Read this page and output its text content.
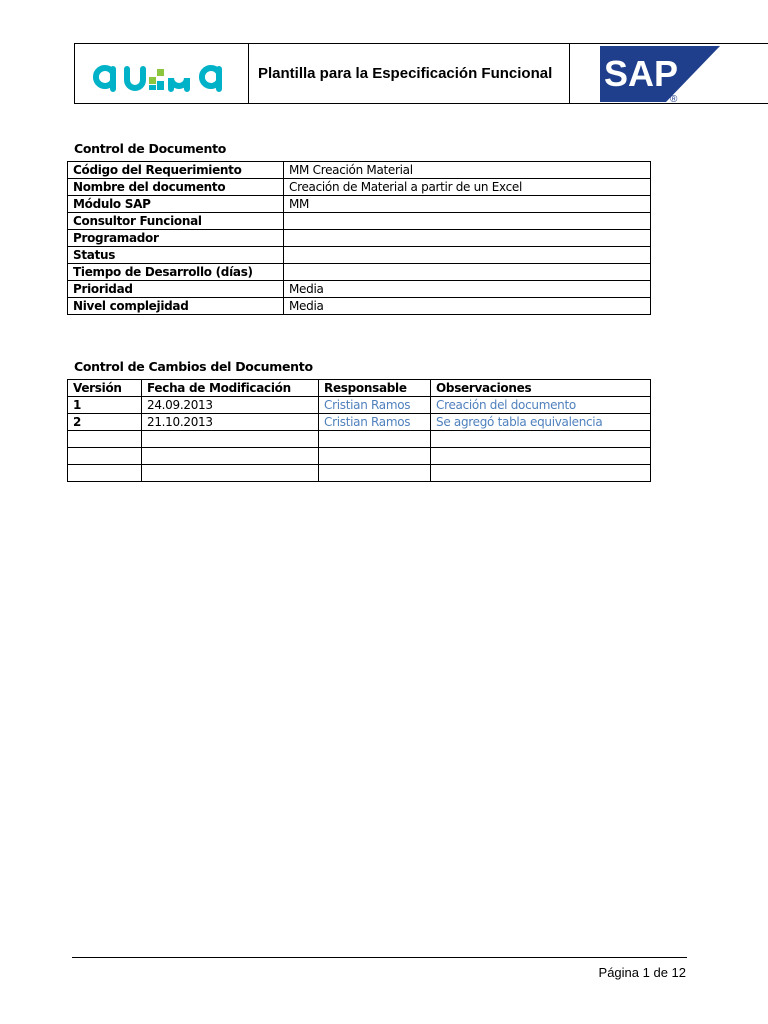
Plantilla para la Especificación Funcional	SAP
®
Control de Documento
Código del Requerimiento	MM Creación Material
Nombre del documento	Creación de Material a partir de un Excel
Módulo SAP	MM
Consultor Funcional	
Programador	
Status	
Tiempo de Desarrollo (días)	
Prioridad	Media
Nivel complejidad	Media
Control de Cambios del Documento
Versión	Fecha de Modificación	Responsable	Observaciones
1	24.09.2013	Cristian Ramos	Creación del documento
2	21.10.2013	Cristian Ramos	Se agregó tabla equivalencia

Página 1 de 12
